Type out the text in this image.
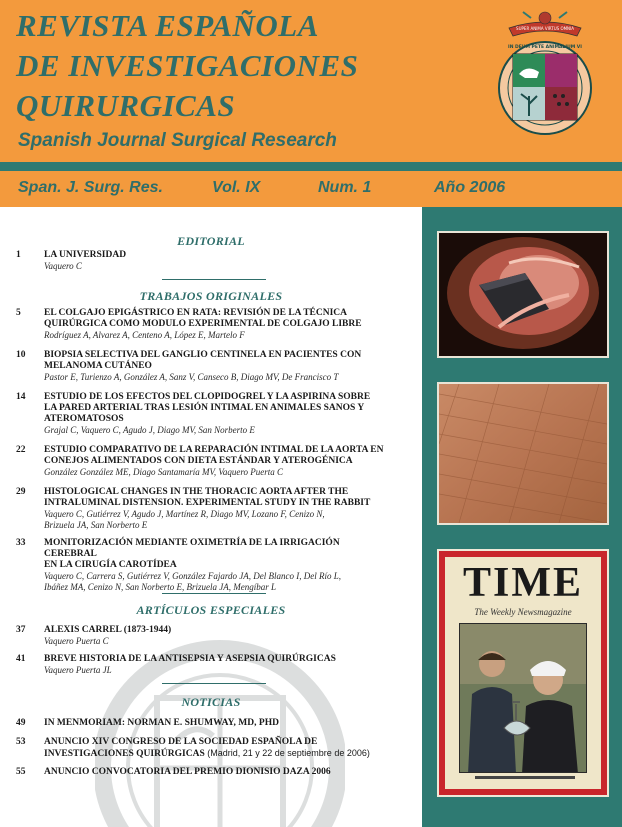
REVISTA ESPAÑOLA
DE INVESTIGACIONES
QUIRURGICAS
Spanish Journal Surgical Research
SUPER ANIMA VIRTUS OMNIA
IN DEUM PETE ANIMALIUM VI
Span. J. Surg. Res.	Vol. IX	Num. 1	Año 2006
TIME
The Weekly Newsmagazine
EDITORIAL
1	LA UNIVERSIDAD
Vaquero C
TRABAJOS ORIGINALES
5	EL COLGAJO EPIGÁSTRICO EN RATA: REVISIÓN DE LA TÉCNICA
QUIRÚRGICA COMO MODULO EXPERIMENTAL DE COLGAJO LIBRE
Rodríguez A, Alvarez A, Centeno A, López E, Martelo F
10	BIOPSIA SELECTIVA DEL GANGLIO CENTINELA EN PACIENTES CON
MELANOMA CUTÁNEO
Pastor E, Turienzo A, González A, Sanz V, Canseco B, Diago MV, De Francisco T
14	ESTUDIO DE LOS EFECTOS DEL CLOPIDOGREL Y LA ASPIRINA SOBRE
LA PARED ARTERIAL TRAS LESIÓN INTIMAL EN ANIMALES SANOS Y
ATEROMATOSOS
Grajal C, Vaquero C, Agudo J, Diago MV, San Norberto E
22	ESTUDIO COMPARATIVO DE LA REPARACIÓN INTIMAL DE LA AORTA EN
CONEJOS ALIMENTADOS CON DIETA ESTÁNDAR Y ATEROGÉNICA
González González ME, Diago Santamaría MV, Vaquero Puerta C
29	HISTOLOGICAL CHANGES IN THE THORACIC AORTA AFTER THE
INTRALUMINAL DISTENSION. EXPERIMENTAL STUDY IN THE RABBIT
Vaquero C, Gutiérrez V, Agudo J, Martínez R, Diago MV, Lozano F, Cenizo N,
Brizuela JA, San Norberto E
33	MONITORIZACIÓN MEDIANTE OXIMETRÍA DE LA IRRIGACIÓN CEREBRAL
EN LA CIRUGÍA CAROTÍDEA
Vaquero C, Carrera S, Gutiérrez V, González Fajardo JA, Del Blanco I, Del Río L,
Ibáñez MA, Cenizo N, San Norberto E, Brizuela JA, Mengíbar L
ARTÍCULOS ESPECIALES
37	ALEXIS CARREL (1873-1944)
Vaquero Puerta C
41	BREVE HISTORIA DE LA ANTISEPSIA Y ASEPSIA QUIRÚRGICAS
Vaquero Puerta JL
NOTICIAS
49	IN MENMORIAM: NORMAN E. SHUMWAY, MD, PHD
53	ANUNCIO XIV CONGRESO DE LA SOCIEDAD ESPAÑOLA DE
INVESTIGACIONES QUIRÚRGICAS (Madrid, 21 y 22 de septiembre de 2006)
55	ANUNCIO CONVOCATORIA DEL PREMIO DIONISIO DAZA 2006
